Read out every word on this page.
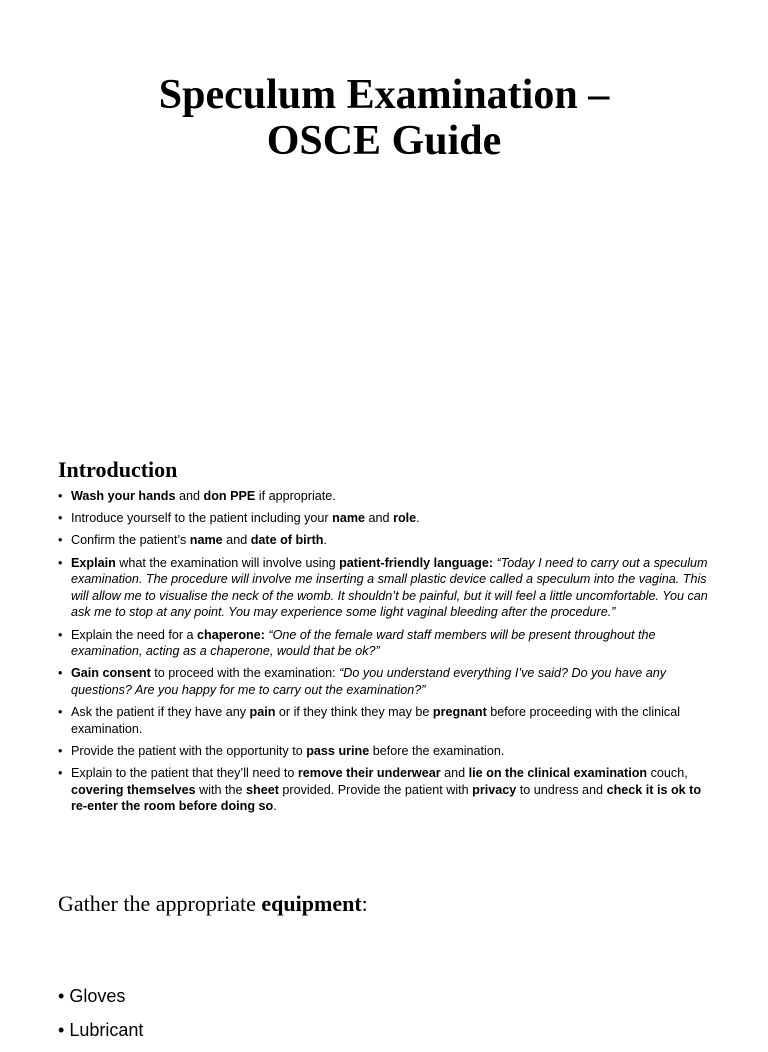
Speculum Examination –
OSCE Guide
Introduction
• Wash your hands and don PPE if appropriate.
• Introduce yourself to the patient including your name and role.
• Confirm the patient’s name and date of birth.
• Explain what the examination will involve using patient-friendly language: “Today I need to carry out a speculum examination. The procedure will involve me inserting a small plastic device called a speculum into the vagina. This will allow me to visualise the neck of the womb. It shouldn’t be painful, but it will feel a little uncomfortable. You can ask me to stop at any point. You may experience some light vaginal bleeding after the procedure.”
• Explain the need for a chaperone: “One of the female ward staff members will be present throughout the examination, acting as a chaperone, would that be ok?”
• Gain consent to proceed with the examination: “Do you understand everything I’ve said? Do you have any questions? Are you happy for me to carry out the examination?”
• Ask the patient if they have any pain or if they think they may be pregnant before proceeding with the clinical examination.
• Provide the patient with the opportunity to pass urine before the examination.
• Explain to the patient that they’ll need to remove their underwear and lie on the clinical examination couch, covering themselves with the sheet provided. Provide the patient with privacy to undress and check it is ok to re-enter the room before doing so.
Gather the appropriate equipment:
• Gloves
• Lubricant
